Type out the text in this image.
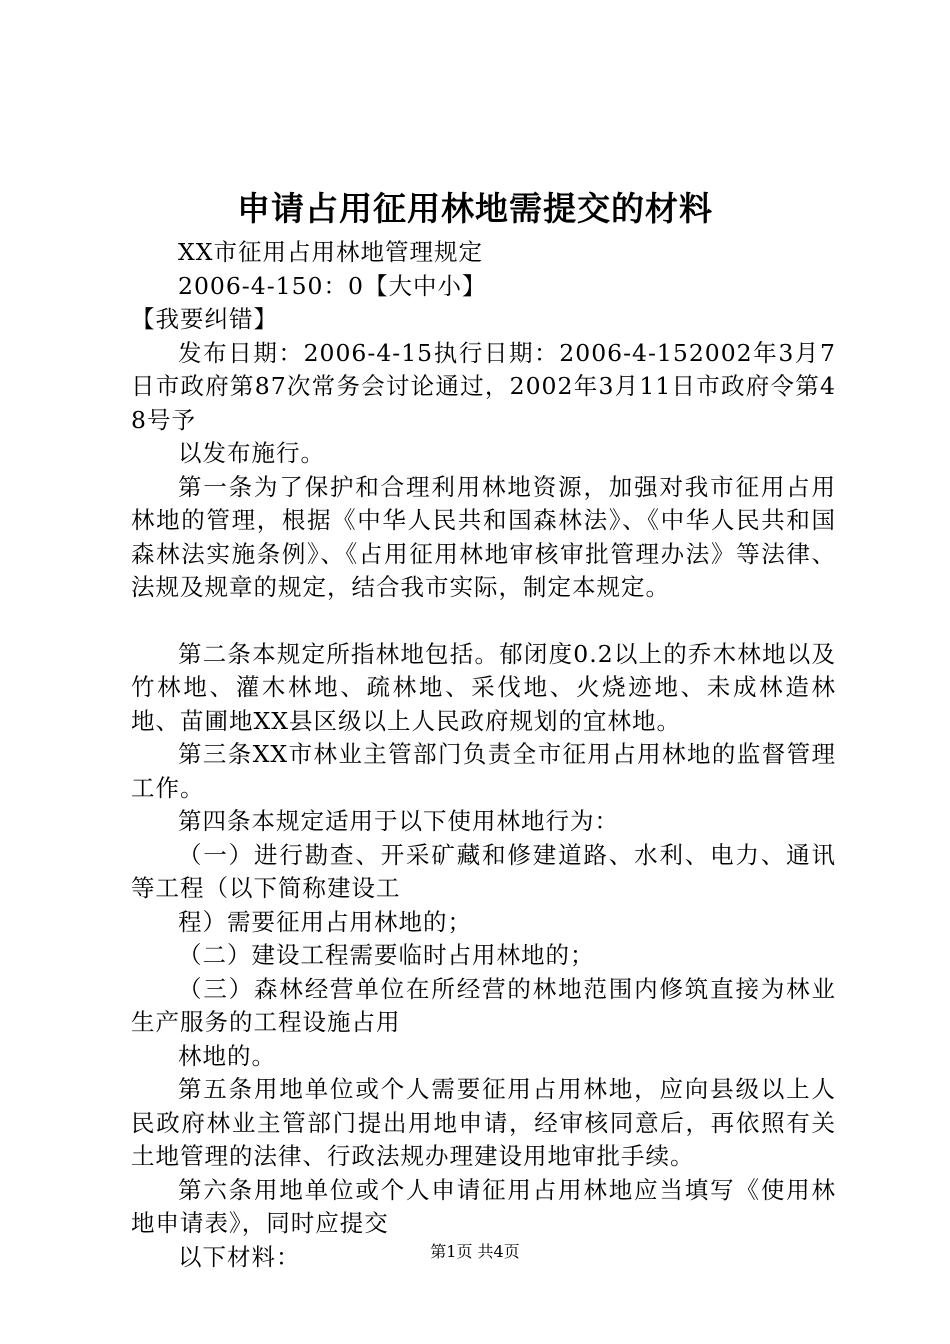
申请占用征用林地需提交的材料

XX市征用占用林地管理规定

2006-4-150：0【大中小】

【我要纠错】

发布日期：2006-4-15执行日期：2006-4-152002年3月7日市政府第87次常务会讨论通过，2002年3月11日市政府令第48号予

以发布施行。

第一条为了保护和合理利用林地资源，加强对我市征用占用林地的管理，根据《中华人民共和国森林法》、《中华人民共和国森林法实施条例》、《占用征用林地审核审批管理办法》等法律、法规及规章的规定，结合我市实际，制定本规定。

第二条本规定所指林地包括。郁闭度0.2以上的乔木林地以及竹林地、灌木林地、疏林地、采伐地、火烧迹地、未成林造林地、苗圃地XX县区级以上人民政府规划的宜林地。

第三条XX市林业主管部门负责全市征用占用林地的监督管理工作。

第四条本规定适用于以下使用林地行为：

（一）进行勘查、开采矿藏和修建道路、水利、电力、通讯等工程（以下简称建设工

程）需要征用占用林地的；

（二）建设工程需要临时占用林地的；

（三）森林经营单位在所经营的林地范围内修筑直接为林业生产服务的工程设施占用

林地的。

第五条用地单位或个人需要征用占用林地，应向县级以上人民政府林业主管部门提出用地申请，经审核同意后，再依照有关土地管理的法律、行政法规办理建设用地审批手续。

第六条用地单位或个人申请征用占用林地应当填写《使用林地申请表》，同时应提交

以下材料：	第1页 共4页
